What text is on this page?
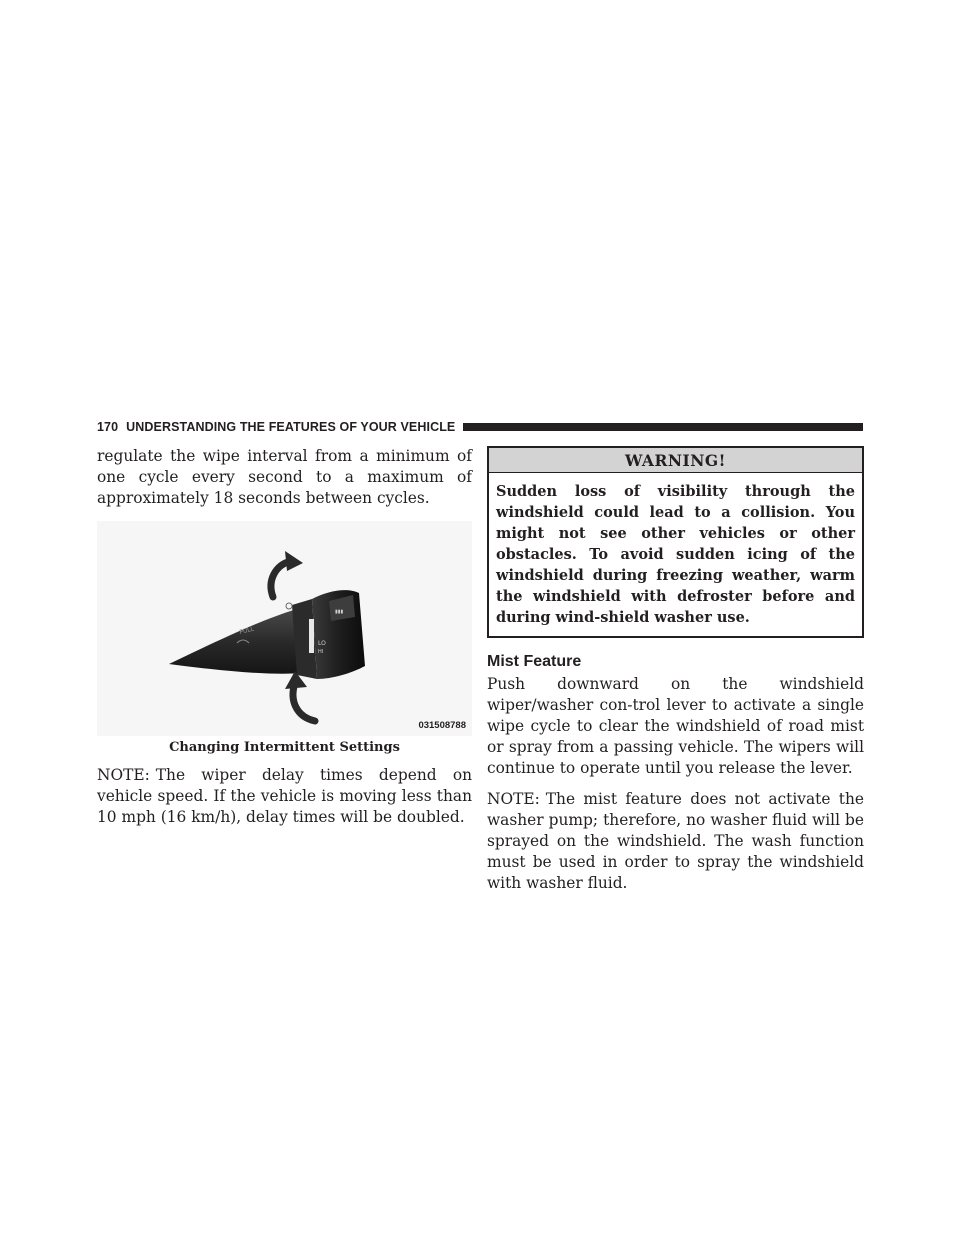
170 UNDERSTANDING THE FEATURES OF YOUR VEHICLE

regulate the wipe interval from a minimum of one cycle every second to a maximum of approximately 18 seconds between cycles.

▮▮▮
PULL
LO
HI
031508788
Changing Intermittent Settings

NOTE: The wiper delay times depend on vehicle speed. If the vehicle is moving less than 10 mph (16 km/h), delay times will be doubled.

WARNING!
Sudden loss of visibility through the windshield could lead to a collision. You might not see other vehicles or other obstacles. To avoid sudden icing of the windshield during freezing weather, warm the windshield with defroster before and during wind-shield washer use.
Mist Feature

Push downward on the windshield wiper/washer con-trol lever to activate a single wipe cycle to clear the windshield of road mist or spray from a passing vehicle. The wipers will continue to operate until you release the lever.

NOTE: The mist feature does not activate the washer pump; therefore, no washer fluid will be sprayed on the windshield. The wash function must be used in order to spray the windshield with washer fluid.
